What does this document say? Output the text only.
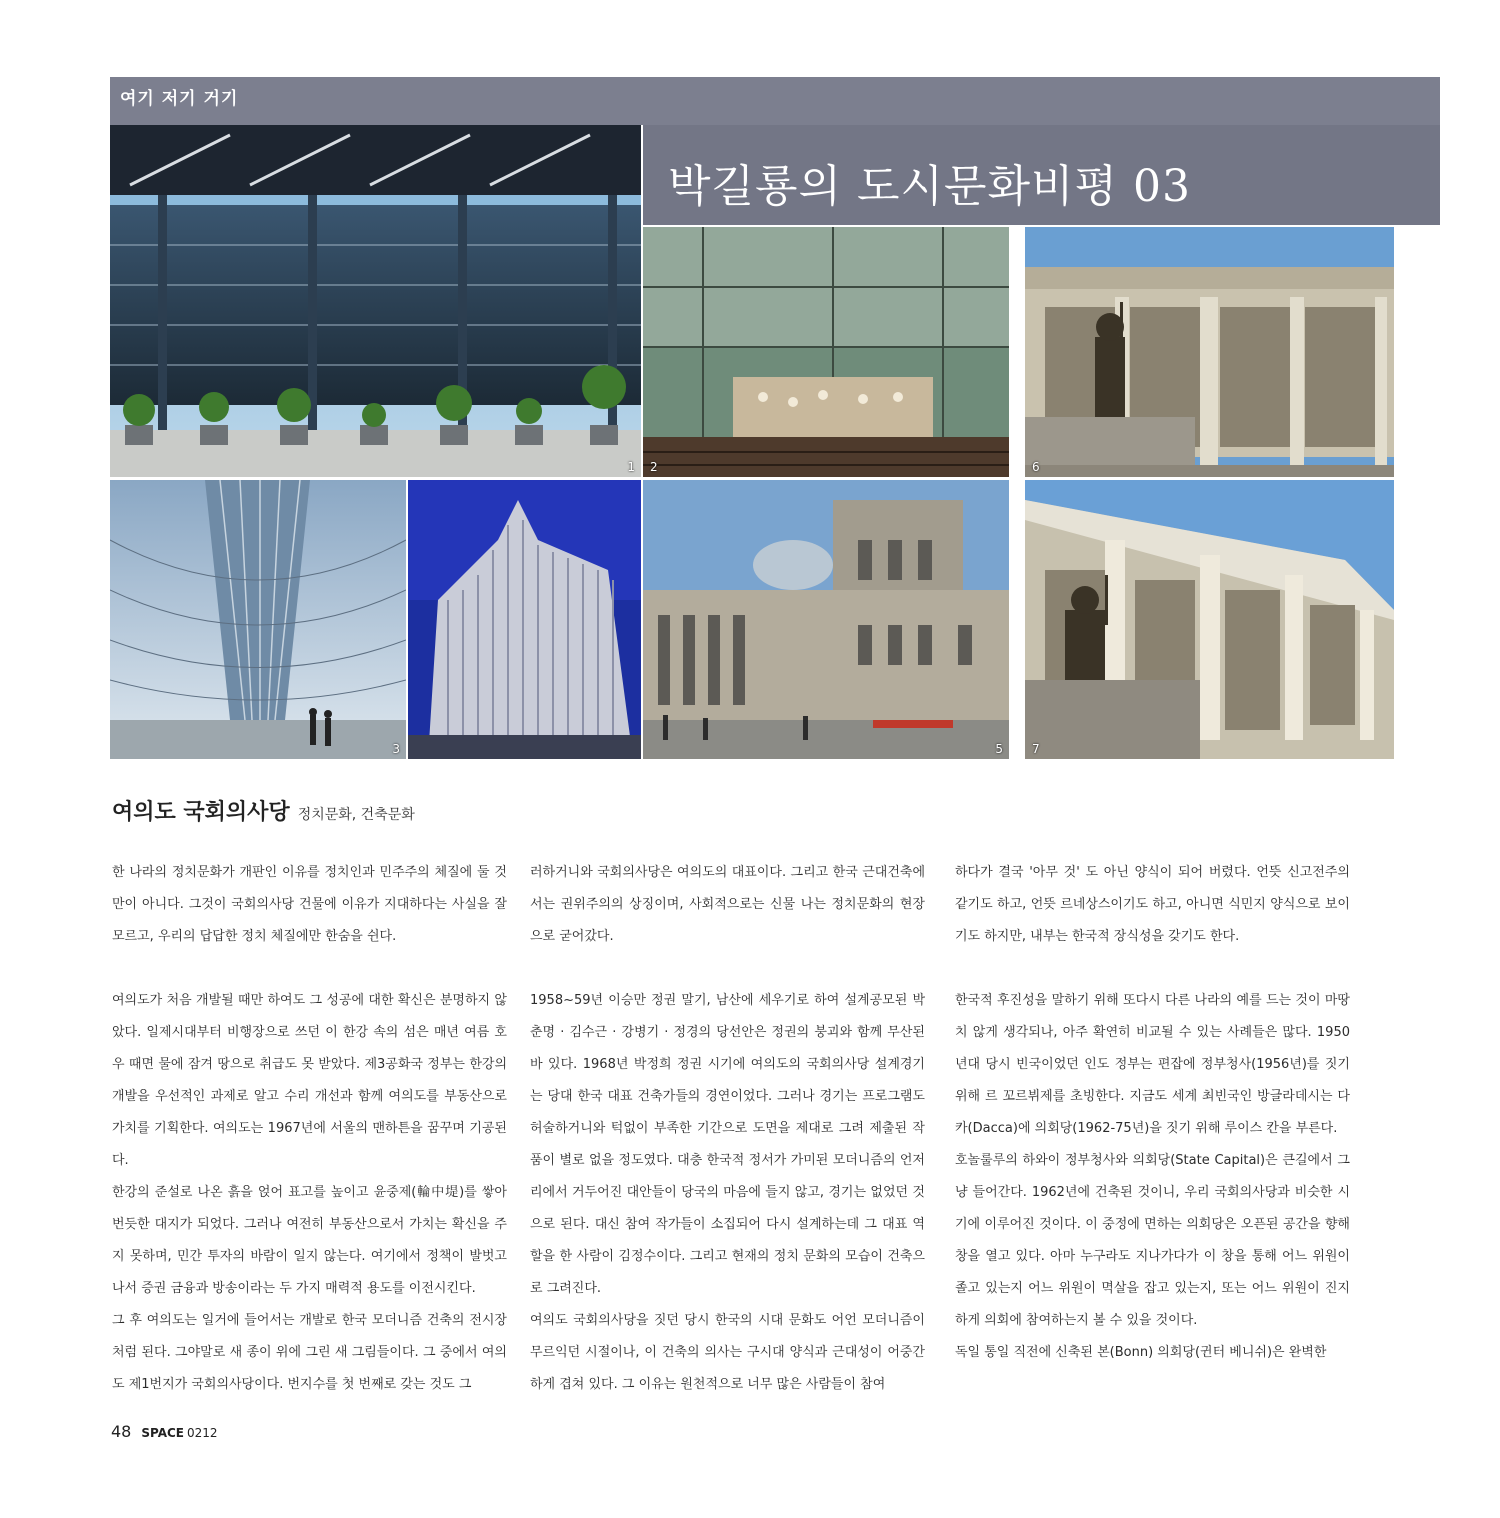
여기 저기 거기
박길룡의 도시문화비평 03
1 2	6
3	5 7
여의도 국회의사당 정치문화, 건축문화

한 나라의 정치문화가 개판인 이유를 정치인과 민주주의 체질에 둘 것만이 아니다. 그것이 국회의사당 건물에 이유가 지대하다는 사실을 잘 모르고, 우리의 답답한 정치 체질에만 한숨을 쉰다.

여의도가 처음 개발될 때만 하여도 그 성공에 대한 확신은 분명하지 않았다. 일제시대부터 비행장으로 쓰던 이 한강 속의 섬은 매년 여름 호우 때면 물에 잠겨 땅으로 취급도 못 받았다. 제3공화국 정부는 한강의 개발을 우선적인 과제로 알고 수리 개선과 함께 여의도를 부동산으로 가치를 기획한다. 여의도는 1967년에 서울의 맨하튼을 꿈꾸며 기공된다.

한강의 준설로 나온 흙을 얹어 표고를 높이고 윤중제(輪中堤)를 쌓아 번듯한 대지가 되었다. 그러나 여전히 부동산으로서 가치는 확신을 주지 못하며, 민간 투자의 바람이 일지 않는다. 여기에서 정책이 발벗고 나서 증권 금융과 방송이라는 두 가지 매력적 용도를 이전시킨다.

그 후 여의도는 일거에 들어서는 개발로 한국 모더니즘 건축의 전시장처럼 된다. 그야말로 새 종이 위에 그린 새 그림들이다. 그 중에서 여의도 제1번지가 국회의사당이다. 번지수를 첫 번째로 갖는 것도 그

러하거니와 국회의사당은 여의도의 대표이다. 그리고 한국 근대건축에서는 권위주의의 상징이며, 사회적으로는 신물 나는 정치문화의 현장으로 굳어갔다.

1958~59년 이승만 정권 말기, 남산에 세우기로 하여 설계공모된 박춘명 · 김수근 · 강병기 · 정경의 당선안은 정권의 붕괴와 함께 무산된 바 있다. 1968년 박정희 정권 시기에 여의도의 국회의사당 설계경기는 당대 한국 대표 건축가들의 경연이었다. 그러나 경기는 프로그램도 허술하거니와 턱없이 부족한 기간으로 도면을 제대로 그려 제출된 작품이 별로 없을 정도였다. 대충 한국적 정서가 가미된 모더니즘의 언저리에서 거두어진 대안들이 당국의 마음에 들지 않고, 경기는 없었던 것으로 된다. 대신 참여 작가들이 소집되어 다시 설계하는데 그 대표 역할을 한 사람이 김정수이다. 그리고 현재의 정치 문화의 모습이 건축으로 그려진다.

여의도 국회의사당을 짓던 당시 한국의 시대 문화도 어언 모더니즘이 무르익던 시절이나, 이 건축의 의사는 구시대 양식과 근대성이 어중간하게 겹쳐 있다. 그 이유는 원천적으로 너무 많은 사람들이 참여

하다가 결국 '아무 것' 도 아닌 양식이 되어 버렸다. 언뜻 신고전주의 같기도 하고, 언뜻 르네상스이기도 하고, 아니면 식민지 양식으로 보이기도 하지만, 내부는 한국적 장식성을 갖기도 한다.

한국적 후진성을 말하기 위해 또다시 다른 나라의 예를 드는 것이 마땅치 않게 생각되나, 아주 확연히 비교될 수 있는 사례들은 많다. 1950년대 당시 빈국이었던 인도 정부는 편잡에 정부청사(1956년)를 짓기 위해 르 꼬르뷔제를 초빙한다. 지금도 세계 최빈국인 방글라데시는 다카(Dacca)에 의회당(1962-75년)을 짓기 위해 루이스 칸을 부른다.

호놀룰루의 하와이 정부청사와 의회당(State Capital)은 큰길에서 그냥 들어간다. 1962년에 건축된 것이니, 우리 국회의사당과 비슷한 시기에 이루어진 것이다. 이 중정에 면하는 의회당은 오픈된 공간을 향해 창을 열고 있다. 아마 누구라도 지나가다가 이 창을 통해 어느 위원이 졸고 있는지 어느 위원이 멱살을 잡고 있는지, 또는 어느 위원이 진지하게 의회에 참여하는지 볼 수 있을 것이다.

독일 통일 직전에 신축된 본(Bonn) 의회당(귄터 베니쉬)은 완벽한

48 SPACE 0212
